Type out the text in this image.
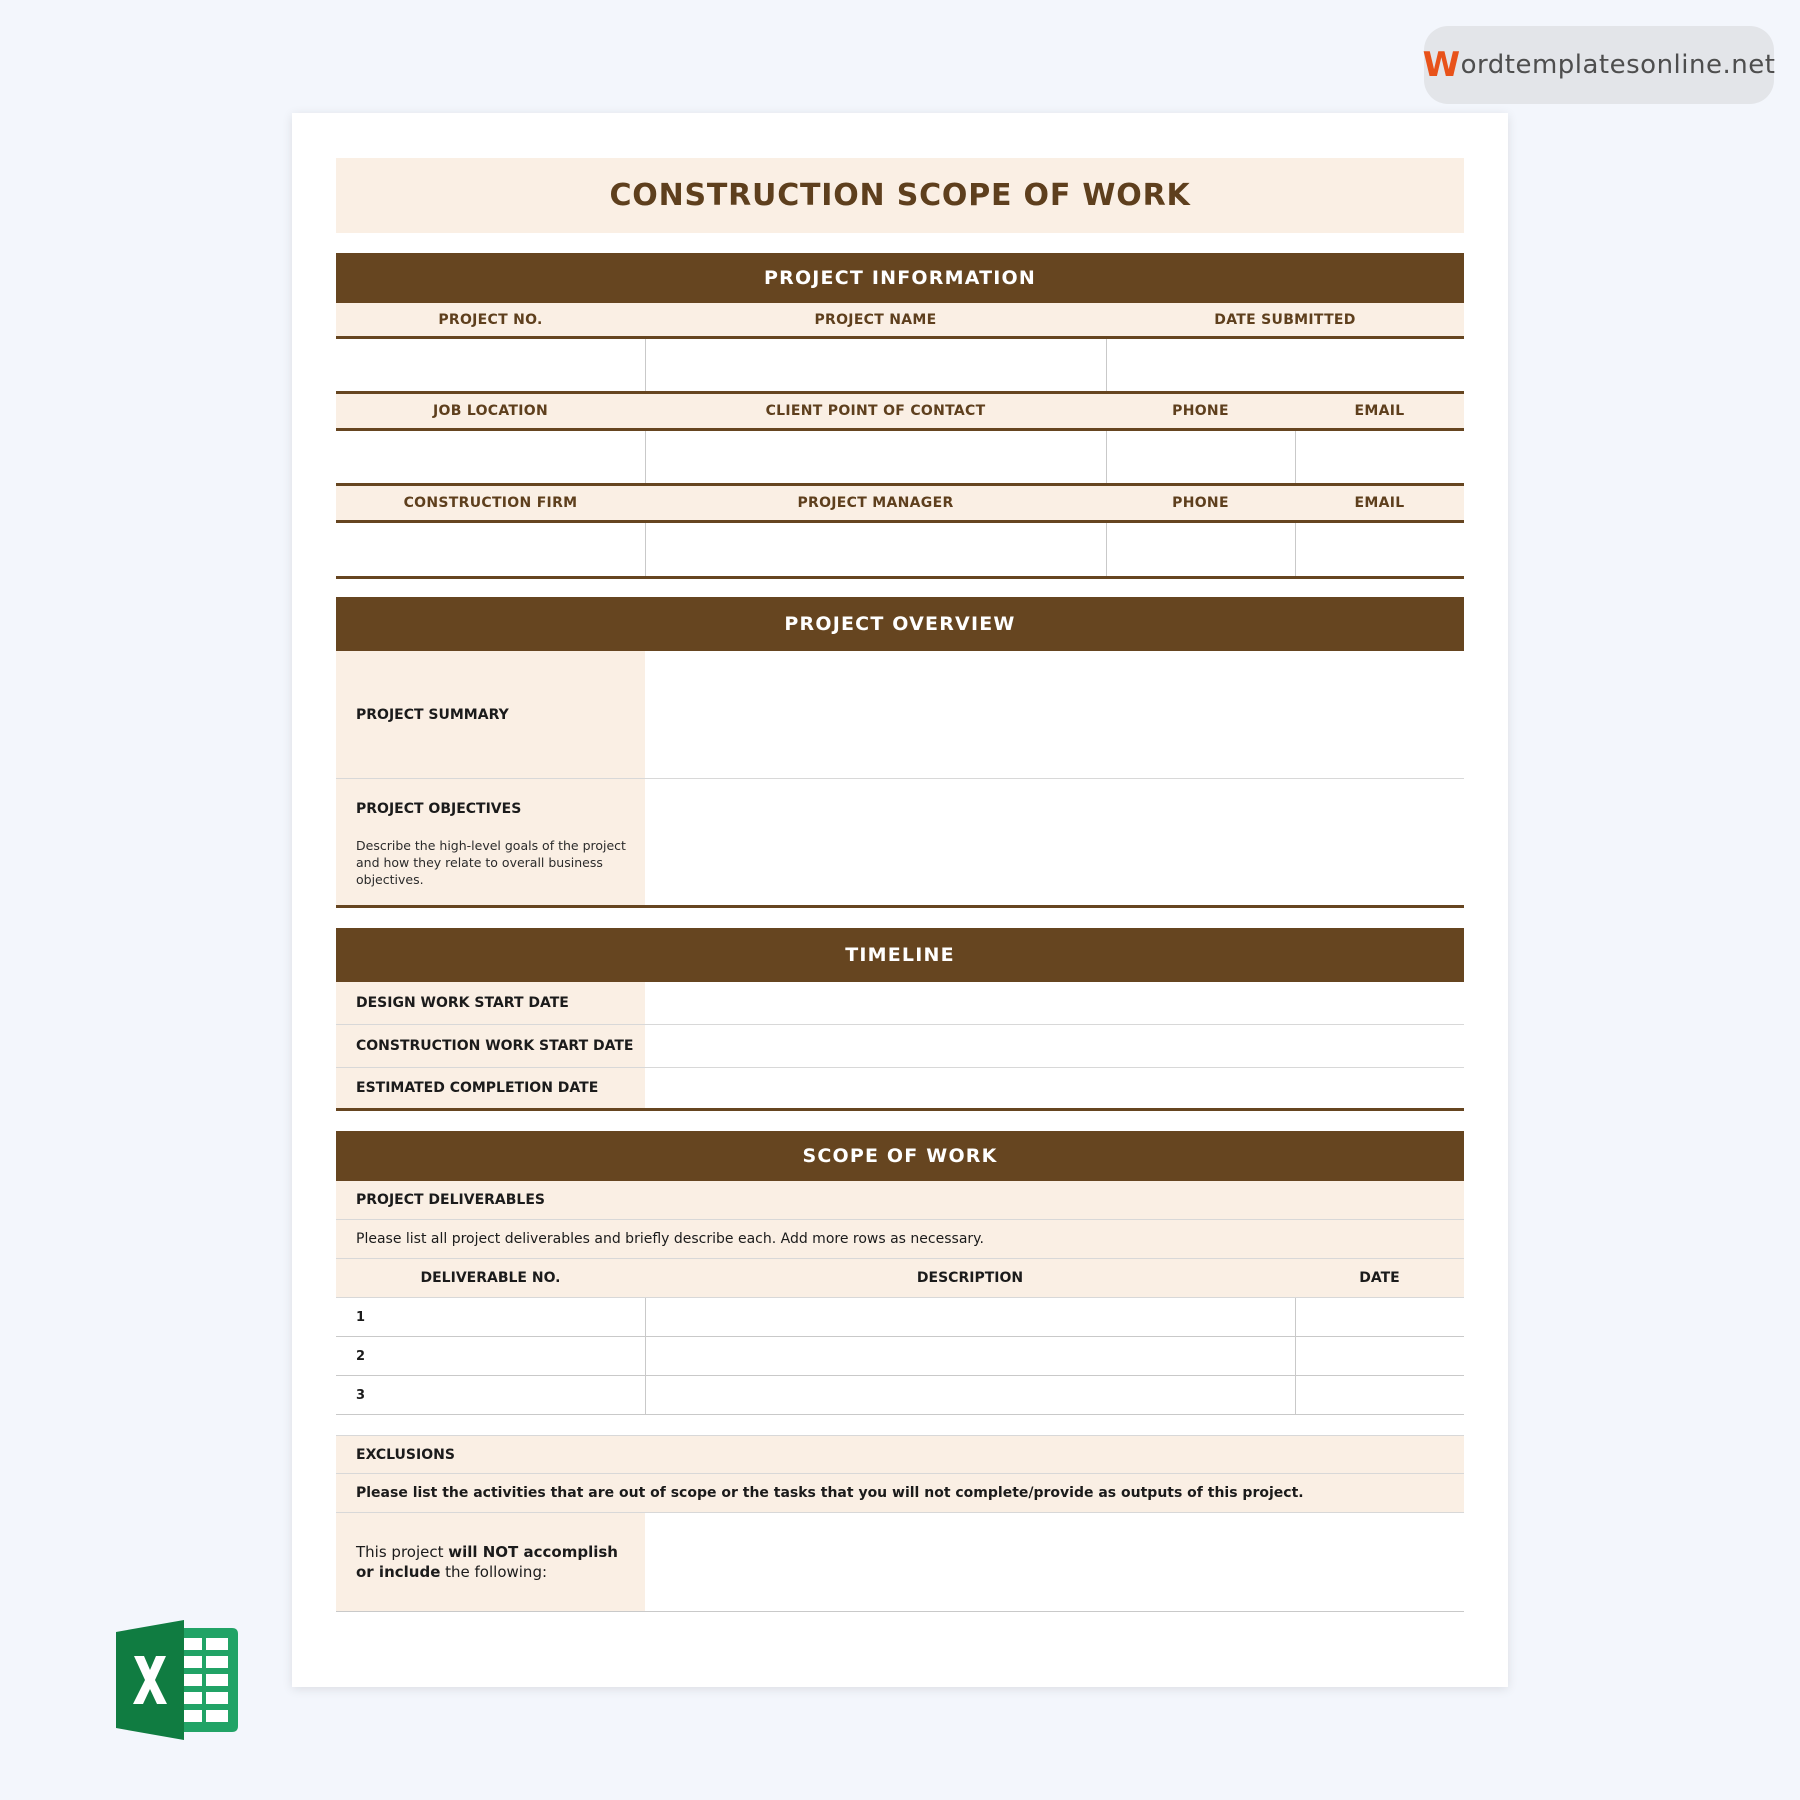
W ordtemplatesonline.net
CONSTRUCTION SCOPE OF WORK
PROJECT INFORMATION
PROJECT NO.	PROJECT NAME	DATE SUBMITTED
JOB LOCATION	CLIENT POINT OF CONTACT	PHONE	EMAIL
CONSTRUCTION FIRM	PROJECT MANAGER	PHONE	EMAIL
PROJECT OVERVIEW
PROJECT SUMMARY
PROJECT OBJECTIVES
Describe the high-level goals of the project and how they relate to overall business objectives.
TIMELINE
DESIGN WORK START DATE
CONSTRUCTION WORK START DATE
ESTIMATED COMPLETION DATE
SCOPE OF WORK
PROJECT DELIVERABLES
Please list all project deliverables and briefly describe each. Add more rows as necessary.
DELIVERABLE NO.	DESCRIPTION	DATE
1
2
3
EXCLUSIONS
Please list the activities that are out of scope or the tasks that you will not complete/provide as outputs of this project.
This project will NOT accomplish or include the following:
